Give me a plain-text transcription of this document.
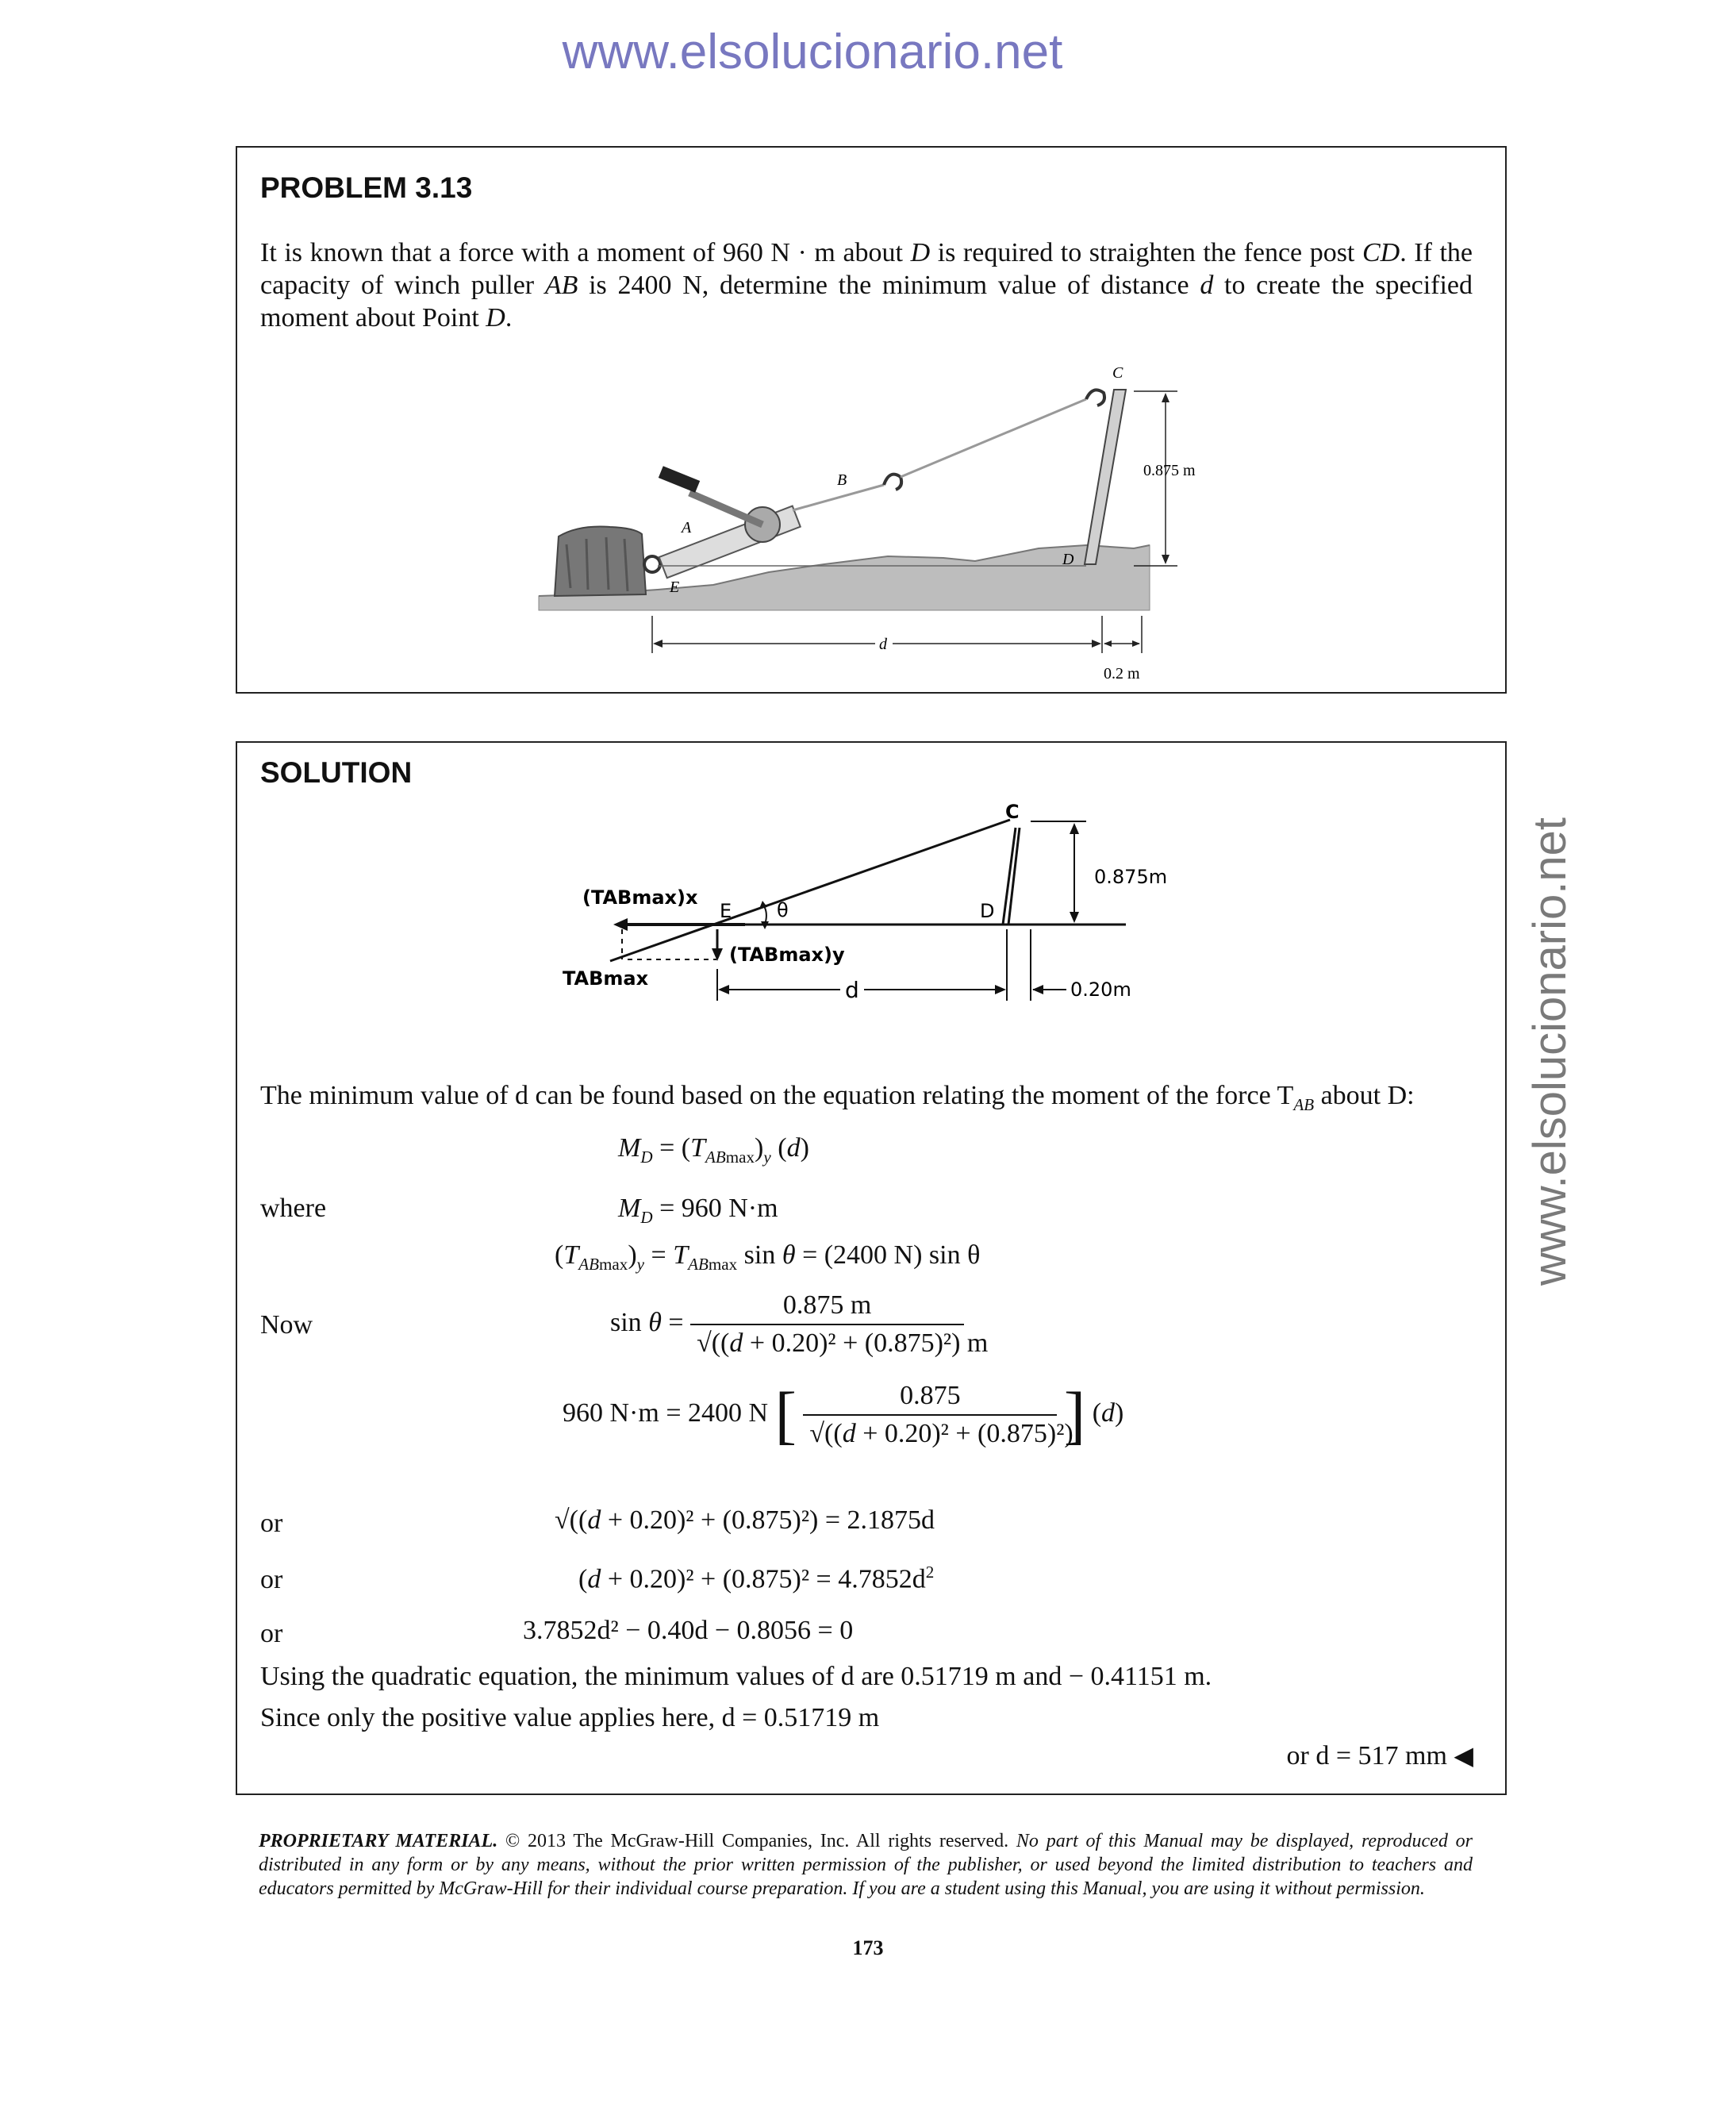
www.elsolucionario.net
www.elsolucionario.net
PROBLEM 3.13
It is known that a force with a moment of 960 N · m about D is required to straighten the fence post CD. If the capacity of winch puller AB is 2400 N, determine the minimum value of distance d to create the specified moment about Point D.
C
B
A
E
D
0.875 m
d
0.2 m
SOLUTION
C
E θ	D
0.875m
d	0.20m
(TABmax)x
(TABmax)y
TABmax
The minimum value of d can be found based on the equation relating the moment of the force $T_{AB}$ about D:
$M_D = (T_{ABmax})_y$ (d)
where	$M_D = 960$ N·m
$(T_{ABmax})_y = T_{ABmax}$ sin θ = (2400 N) sin θ
Now	$\sin \theta = \frac{0.875 m}{\text{√((d + 0.20)² + (0.875)²) m}}$
960 N·m = 2400 N [ $\frac{0.875}{\text{√((d + 0.20)² + (0.875)²)}}$ ] (d)
or	√((d + 0.20)² + (0.875)²) = 2.1875d
or	$(d + 0.20)^2 + (0.875)^2 = 4.7852d^2$
or	3.7852d² − 0.40d − 0.8056 = 0
Using the quadratic equation, the minimum values of d are 0.51719 m and − 0.41151 m.
Since only the positive value applies here, d = 0.51719 m
or d = 517 mm ◀
PROPRIETARY MATERIAL. © 2013 The McGraw-Hill Companies, Inc. All rights reserved. No part of this Manual may be displayed, reproduced or distributed in any form or by any means, without the prior written permission of the publisher, or used beyond the limited distribution to teachers and educators permitted by McGraw-Hill for their individual course preparation. If you are a student using this Manual, you are using it without permission.
173
